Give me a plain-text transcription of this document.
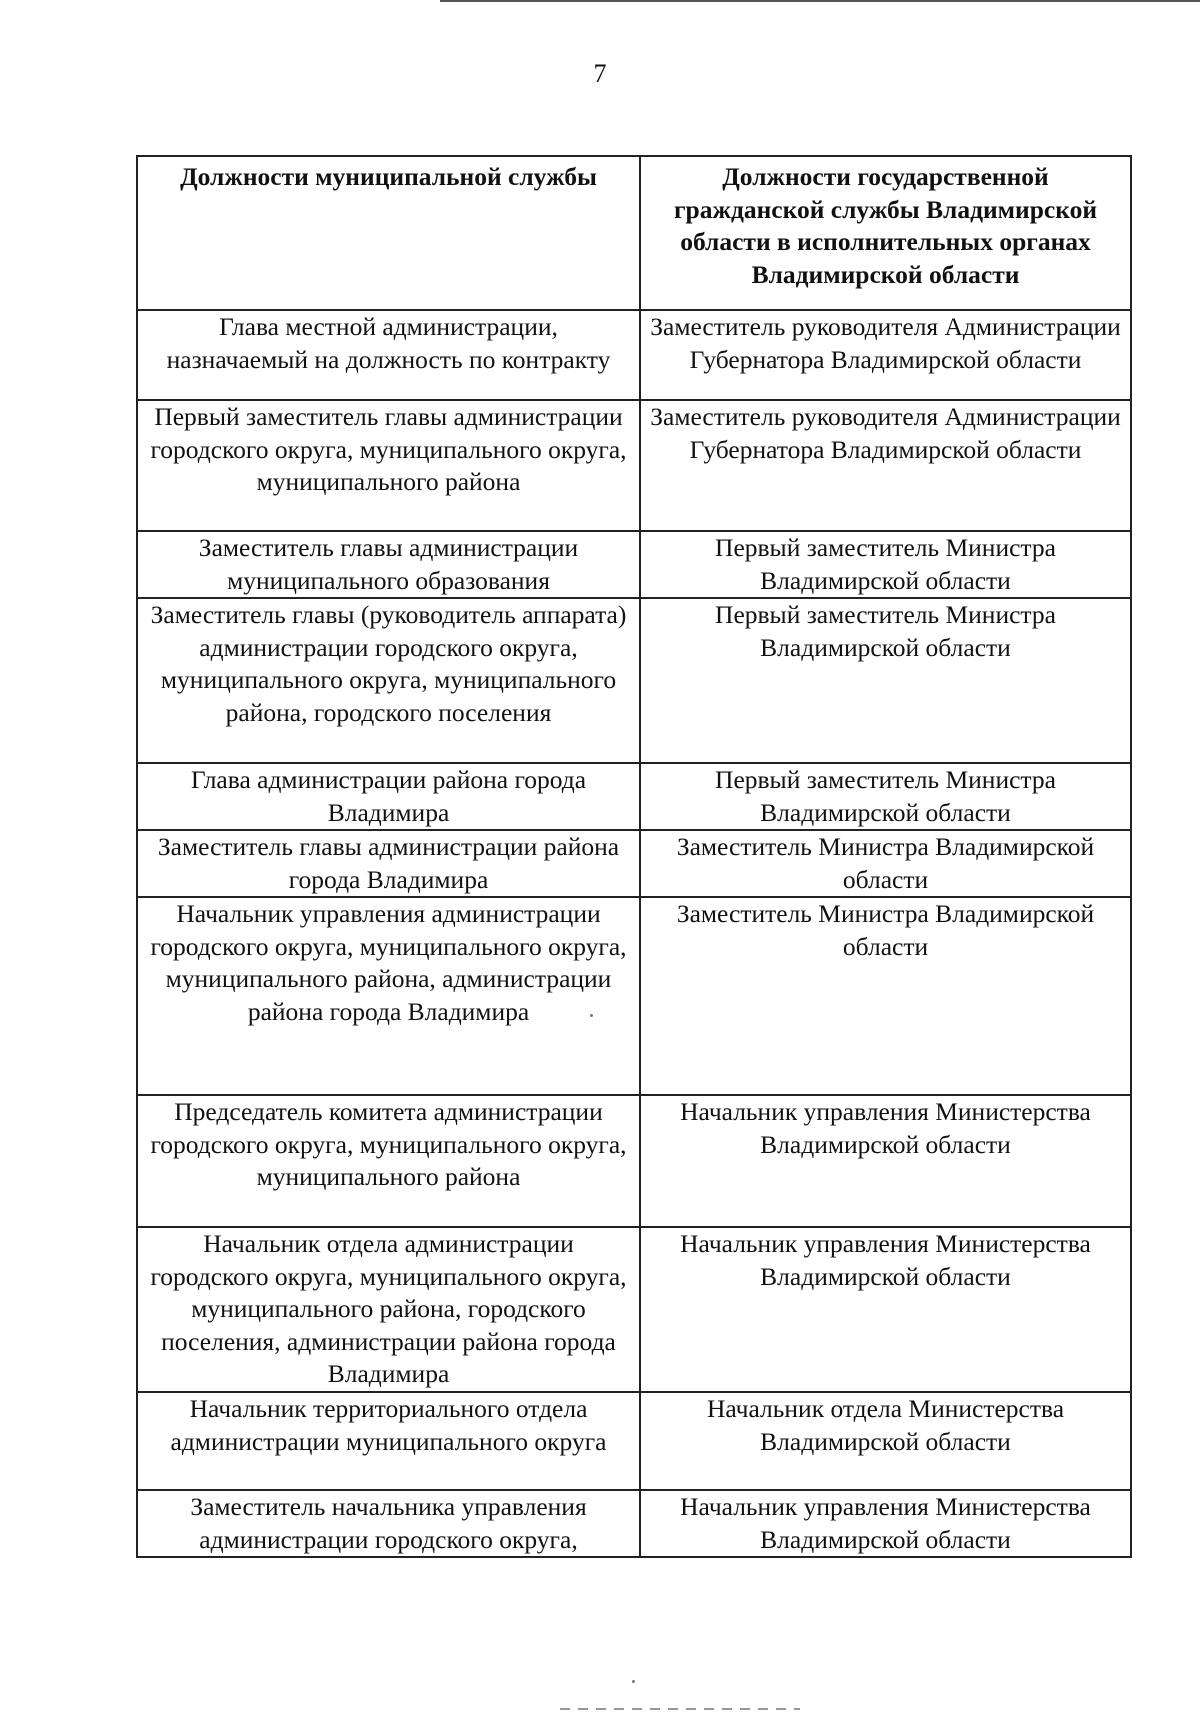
7
Должности муниципальной службы	Должности государственной гражданской службы Владимирской области в исполнительных органах Владимирской области
Глава местной администрации, назначаемый на должность по контракту	Заместитель руководителя Администрации Губернатора Владимирской области
Первый заместитель главы администрации городского округа, муниципального округа, муниципального района	Заместитель руководителя Администрации Губернатора Владимирской области
Заместитель главы администрации муниципального образования	Первый заместитель Министра Владимирской области
Заместитель главы (руководитель аппарата) администрации городского округа, муниципального округа, муниципального района, городского поселения	Первый заместитель Министра Владимирской области
Глава администрации района города Владимира	Первый заместитель Министра Владимирской области
Заместитель главы администрации района города Владимира	Заместитель Министра Владимирской области
Начальник управления администрации городского округа, муниципального округа, муниципального района, администрации района города Владимира	Заместитель Министра Владимирской области
Председатель комитета администрации городского округа, муниципального округа, муниципального района	Начальник управления Министерства Владимирской области
Начальник отдела администрации городского округа, муниципального округа, муниципального района, городского поселения, администрации района города Владимира	Начальник управления Министерства Владимирской области
Начальник территориального отдела администрации муниципального округа	Начальник отдела Министерства Владимирской области
Заместитель начальника управления администрации городского округа,	Начальник управления Министерства Владимирской области
